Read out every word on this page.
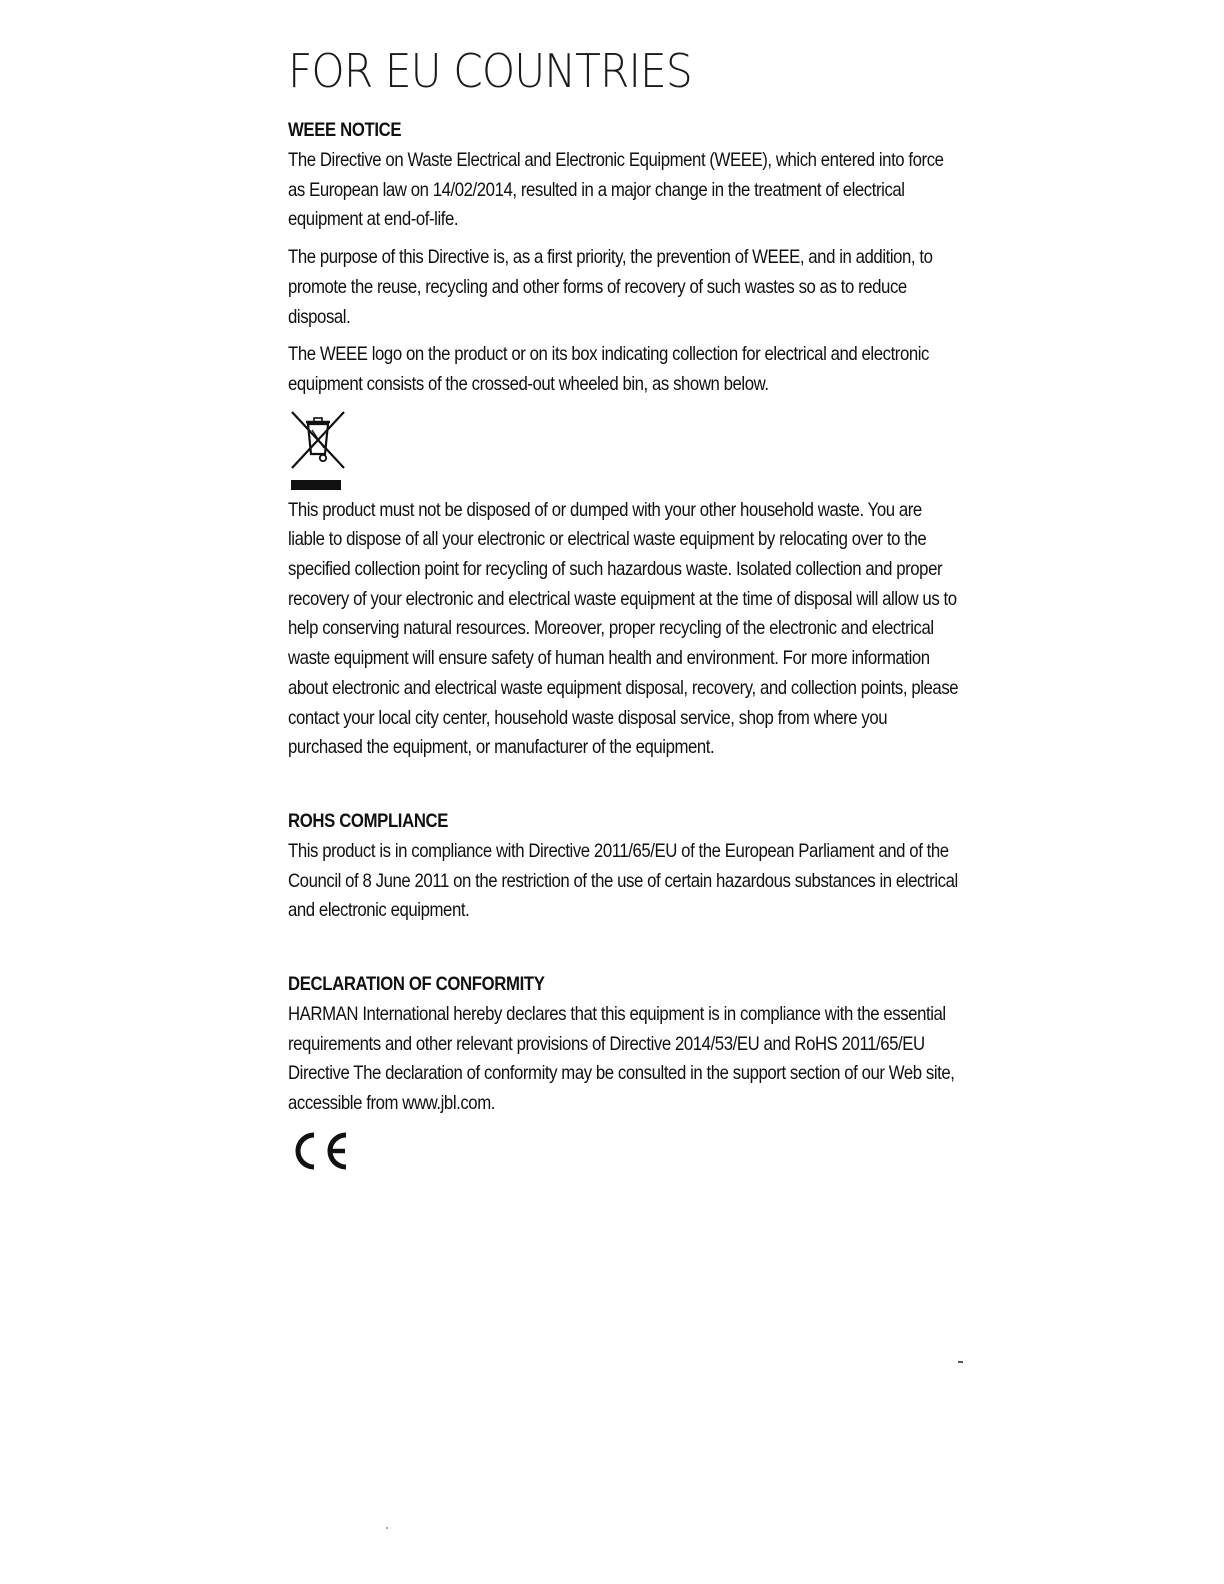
FOR EU COUNTRIES
WEEE NOTICE

The Directive on Waste Electrical and Electronic Equipment (WEEE), which entered into force as European law on 14/02/2014, resulted in a major change in the treatment of electrical equipment at end-of-life.

The purpose of this Directive is, as a first priority, the prevention of WEEE, and in addition, to promote the reuse, recycling and other forms of recovery of such wastes so as to reduce disposal.

The WEEE logo on the product or on its box indicating collection for electrical and electronic equipment consists of the crossed-out wheeled bin, as shown below.

This product must not be disposed of or dumped with your other household waste. You are liable to dispose of all your electronic or electrical waste equipment by relocating over to the specified collection point for recycling of such hazardous waste. Isolated collection and proper recovery of your electronic and electrical waste equipment at the time of disposal will allow us to help conserving natural resources. Moreover, proper recycling of the electronic and electrical waste equipment will ensure safety of human health and environment. For more information about electronic and electrical waste equipment disposal, recovery, and collection points, please contact your local city center, household waste disposal service, shop from where you purchased the equipment, or manufacturer of the equipment.

ROHS COMPLIANCE

This product is in compliance with Directive 2011/65/EU of the European Parliament and of the Council of 8 June 2011 on the restriction of the use of certain hazardous substances in electrical and electronic equipment.

DECLARATION OF CONFORMITY

HARMAN International hereby declares that this equipment is in compliance with the essential requirements and other relevant provisions of Directive 2014/53/EU and RoHS 2011/65/EU Directive The declaration of conformity may be consulted in the support section of our Web site, accessible from www.jbl.com.
